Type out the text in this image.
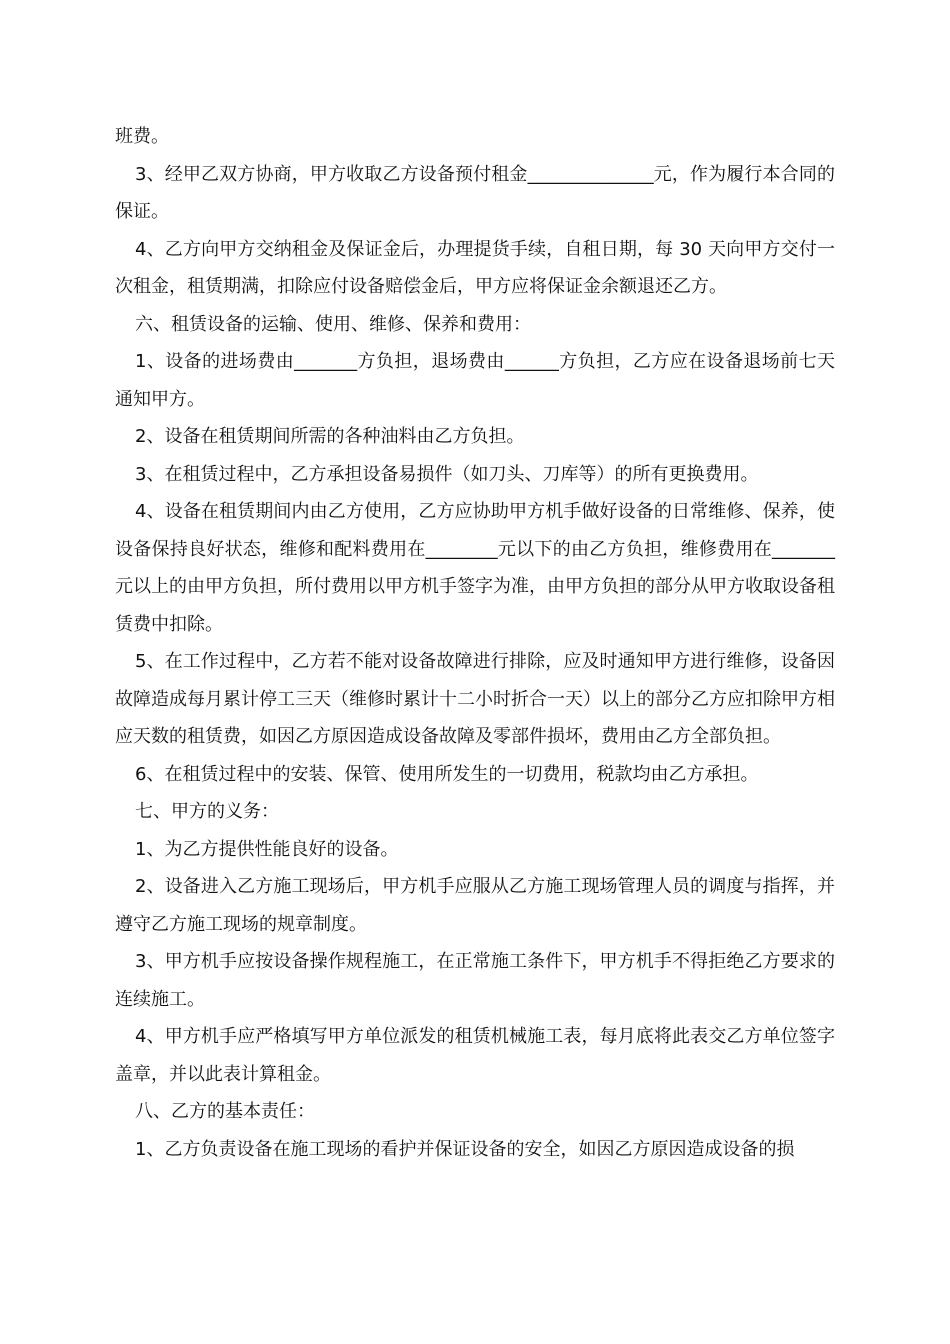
班费。

3、经甲乙双方协商，甲方收取乙方设备预付租金______________元，作为履行本合同的保证。

4、乙方向甲方交纳租金及保证金后，办理提货手续，自租日期，每 30 天向甲方交付一次租金，租赁期满，扣除应付设备赔偿金后，甲方应将保证金余额退还乙方。

六、租赁设备的运输、使用、维修、保养和费用：

1、设备的进场费由_______方负担，退场费由______方负担，乙方应在设备退场前七天通知甲方。

2、设备在租赁期间所需的各种油料由乙方负担。

3、在租赁过程中，乙方承担设备易损件（如刀头、刀库等）的所有更换费用。

4、设备在租赁期间内由乙方使用，乙方应协助甲方机手做好设备的日常维修、保养，使设备保持良好状态，维修和配料费用在________元以下的由乙方负担，维修费用在_______元以上的由甲方负担，所付费用以甲方机手签字为准，由甲方负担的部分从甲方收取设备租赁费中扣除。

5、在工作过程中，乙方若不能对设备故障进行排除，应及时通知甲方进行维修，设备因故障造成每月累计停工三天（维修时累计十二小时折合一天）以上的部分乙方应扣除甲方相应天数的租赁费，如因乙方原因造成设备故障及零部件损坏，费用由乙方全部负担。

6、在租赁过程中的安装、保管、使用所发生的一切费用，税款均由乙方承担。

七、甲方的义务：

1、为乙方提供性能良好的设备。

2、设备进入乙方施工现场后，甲方机手应服从乙方施工现场管理人员的调度与指挥，并遵守乙方施工现场的规章制度。

3、甲方机手应按设备操作规程施工，在正常施工条件下，甲方机手不得拒绝乙方要求的连续施工。

4、甲方机手应严格填写甲方单位派发的租赁机械施工表，每月底将此表交乙方单位签字盖章，并以此表计算租金。

八、乙方的基本责任：

1、乙方负责设备在施工现场的看护并保证设备的安全，如因乙方原因造成设备的损
